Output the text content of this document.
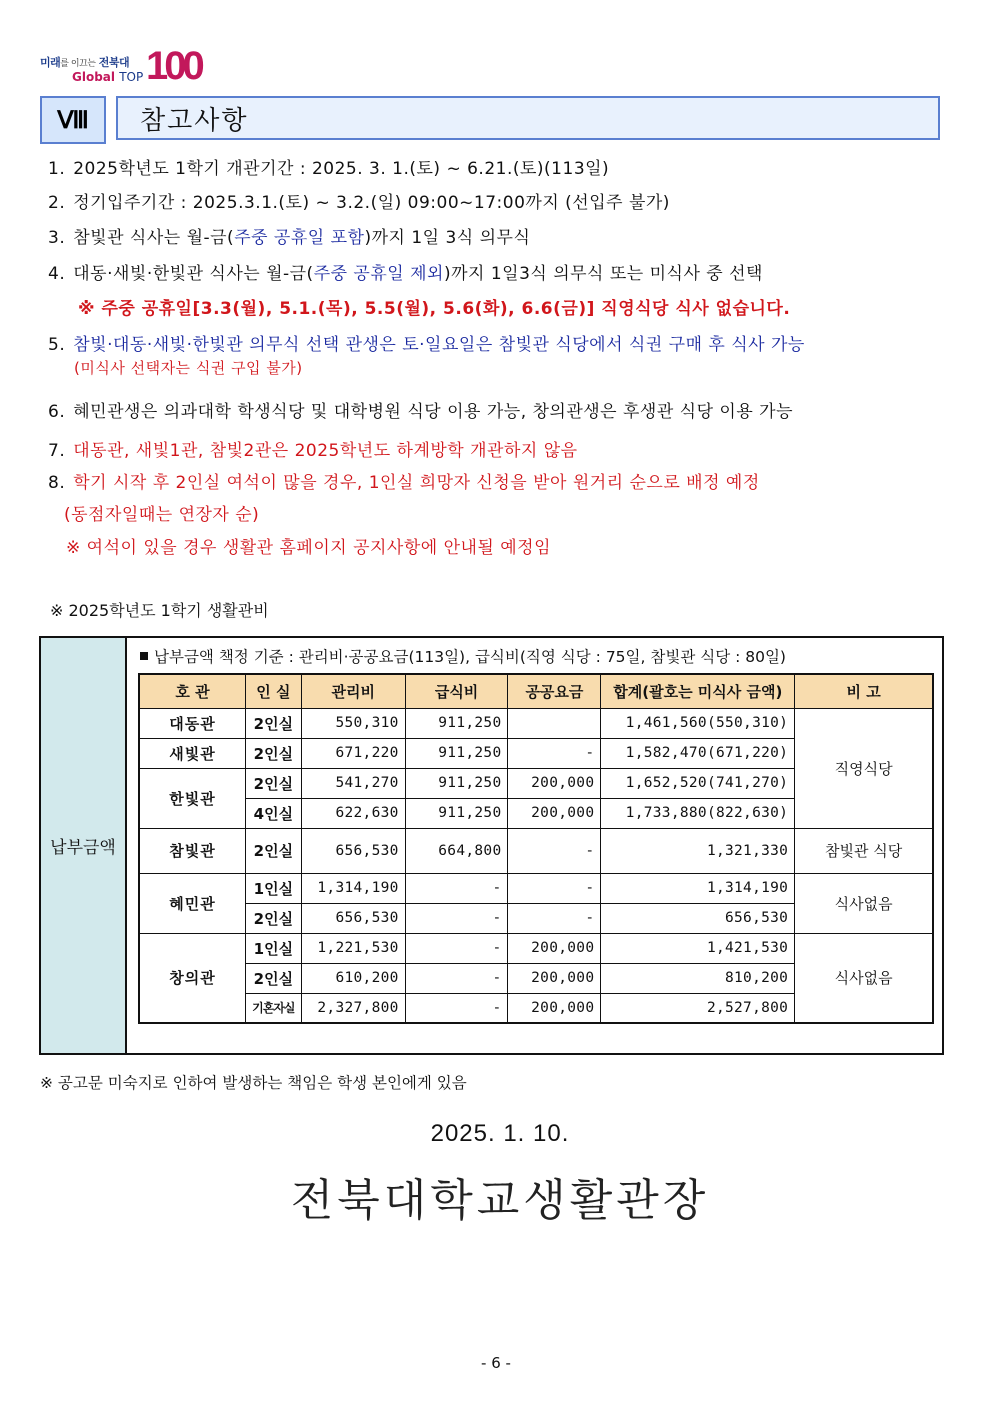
미래를 이끄는 전북대
Global TOP 100
Ⅷ	참고사항
1. 2025학년도 1학기 개관기간 : 2025. 3. 1.(토) ~ 6.21.(토)(113일)
2. 정기입주기간 : 2025.3.1.(토) ~ 3.2.(일) 09:00~17:00까지 (선입주 불가)
3. 참빛관 식사는 월-금(주중 공휴일 포함)까지 1일 3식 의무식
4. 대동·새빛·한빛관 식사는 월-금(주중 공휴일 제외)까지 1일3식 의무식 또는 미식사 중 선택
※ 주중 공휴일[3.3(월), 5.1.(목), 5.5(월), 5.6(화), 6.6(금)] 직영식당 식사 없습니다.
5. 참빛·대동·새빛·한빛관 의무식 선택 관생은 토·일요일은 참빛관 식당에서 식권 구매 후 식사 가능
(미식사 선택자는 식권 구입 불가)
6. 혜민관생은 의과대학 학생식당 및 대학병원 식당 이용 가능, 창의관생은 후생관 식당 이용 가능
7. 대동관, 새빛1관, 참빛2관은 2025학년도 하계방학 개관하지 않음
8. 학기 시작 후 2인실 여석이 많을 경우, 1인실 희망자 신청을 받아 원거리 순으로 배정 예정
(동점자일때는 연장자 순)
※ 여석이 있을 경우 생활관 홈페이지 공지사항에 안내될 예정임
※ 2025학년도 1학기 생활관비
납부금액
납부금액 책정 기준 : 관리비·공공요금(113일), 급식비(직영 식당 : 75일, 참빛관 식당 : 80일)
호 관	인 실	관리비	급식비	공공요금	합계(괄호는 미식사 금액)	비 고
대동관	2인실	550,310	911,250		1,461,560(550,310)	직영식당
새빛관	2인실	671,220	911,250	-	1,582,470(671,220)	
한빛관	2인실	541,270	911,250	200,000	1,652,520(741,270)	
	4인실	622,630	911,250	200,000	1,733,880(822,630)	
참빛관	2인실	656,530	664,800	-	1,321,330	참빛관 식당
혜민관	1인실	1,314,190	-	-	1,314,190	식사없음
	2인실	656,530	-	-	656,530	
창의관	1인실	1,221,530	-	200,000	1,421,530	식사없음
	2인실	610,200	-	200,000	810,200	
	기혼자실	2,327,800	-	200,000	2,527,800	
※ 공고문 미숙지로 인하여 발생하는 책임은 학생 본인에게 있음
2025. 1. 10.
전북대학교생활관장
- 6 -
